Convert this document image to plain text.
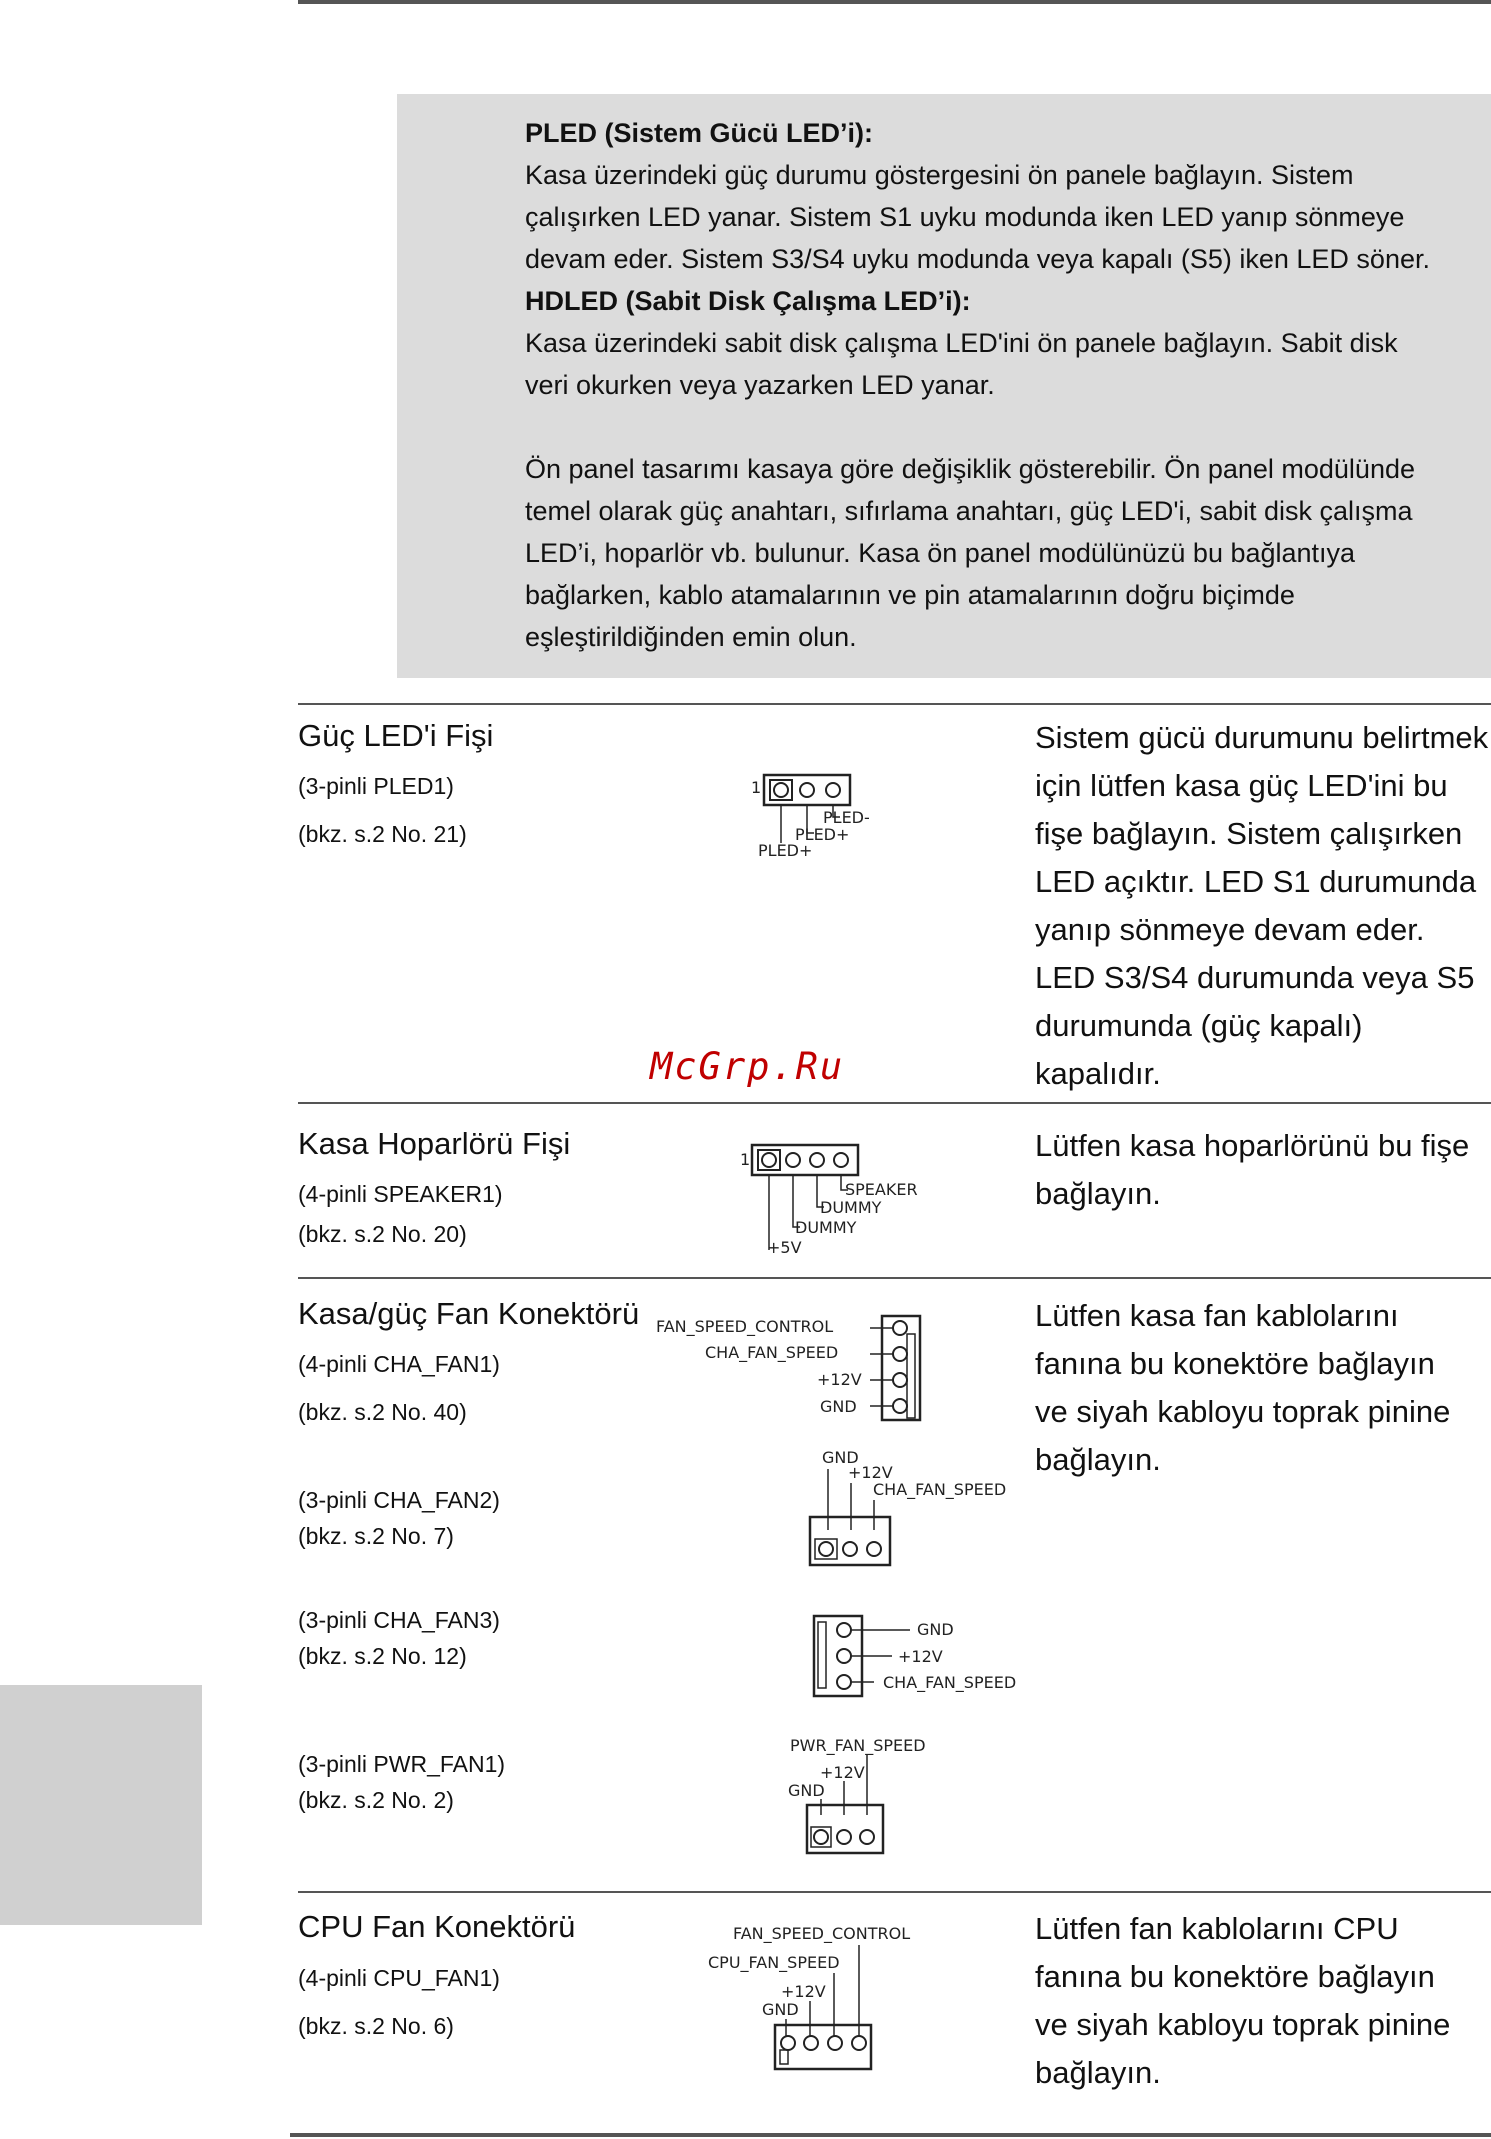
PLED (Sistem Gücü LED’i):
Kasa üzerindeki güç durumu göstergesini ön panele bağlayın. Sistem
çalışırken LED yanar. Sistem S1 uyku modunda iken LED yanıp sönmeye
devam eder. Sistem S3/S4 uyku modunda veya kapalı (S5) iken LED söner.
HDLED (Sabit Disk Çalışma LED’i):
Kasa üzerindeki sabit disk çalışma LED'ini ön panele bağlayın. Sabit disk
veri okurken veya yazarken LED yanar.
Ön panel tasarımı kasaya göre değişiklik gösterebilir. Ön panel modülünde
temel olarak güç anahtarı, sıfırlama anahtarı, güç LED'i, sabit disk çalışma
LED’i, hoparlör vb. bulunur. Kasa ön panel modülünüzü bu bağlantıya
bağlarken, kablo atamalarının ve pin atamalarının doğru biçimde
eşleştirildiğinden emin olun.
Güç LED'i Fişi
(3-pinli PLED1)
(bkz. s.2 No. 21)
1
PLED-
PLED+
PLED+
Sistem gücü durumunu belirtmek
için lütfen kasa güç LED'ini bu
fişe bağlayın. Sistem çalışırken
LED açıktır. LED S1 durumunda
yanıp sönmeye devam eder.
LED S3/S4 durumunda veya S5
durumunda (güç kapalı)
kapalıdır.
McGrp.Ru
Kasa Hoparlörü Fişi
(4-pinli SPEAKER1)
(bkz. s.2 No. 20)
1
SPEAKER
DUMMY
DUMMY
+5V
Lütfen kasa hoparlörünü bu fişe
bağlayın.
Kasa/güç Fan Konektörü
(4-pinli CHA_FAN1)
(bkz. s.2 No. 40)
FAN_SPEED_CONTROL
CHA_FAN_SPEED
+12V
GND
Lütfen kasa fan kablolarını
fanına bu konektöre bağlayın
ve siyah kabloyu toprak pinine
bağlayın.
(3-pinli CHA_FAN2)
(bkz. s.2 No. 7)
GND
+12V
CHA_FAN_SPEED
(3-pinli CHA_FAN3)
(bkz. s.2 No. 12)
GND
+12V
CHA_FAN_SPEED
(3-pinli PWR_FAN1)
(bkz. s.2 No. 2)
PWR_FAN_SPEED
+12V
GND
CPU Fan Konektörü
(4-pinli CPU_FAN1)
(bkz. s.2 No. 6)
FAN_SPEED_CONTROL
CPU_FAN_SPEED
+12V
GND
Lütfen fan kablolarını CPU
fanına bu konektöre bağlayın
ve siyah kabloyu toprak pinine
bağlayın.
